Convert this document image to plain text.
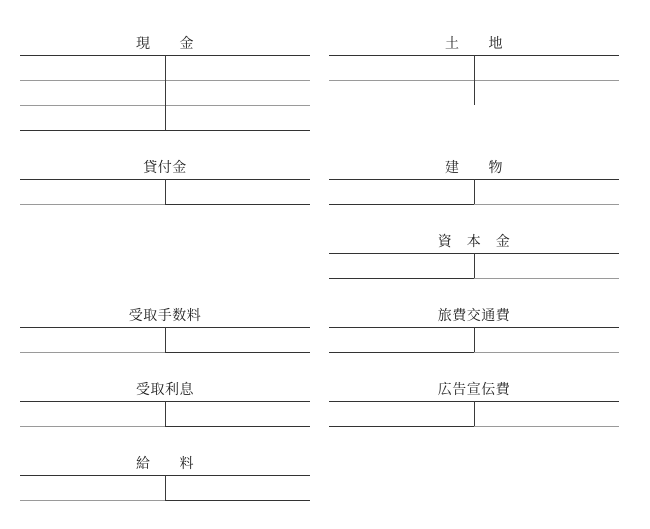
現　　金	土　　地
貸付金	建　　物
資　本　金
受取手数料	旅費交通費
受取利息	広告宣伝費
給　　料
